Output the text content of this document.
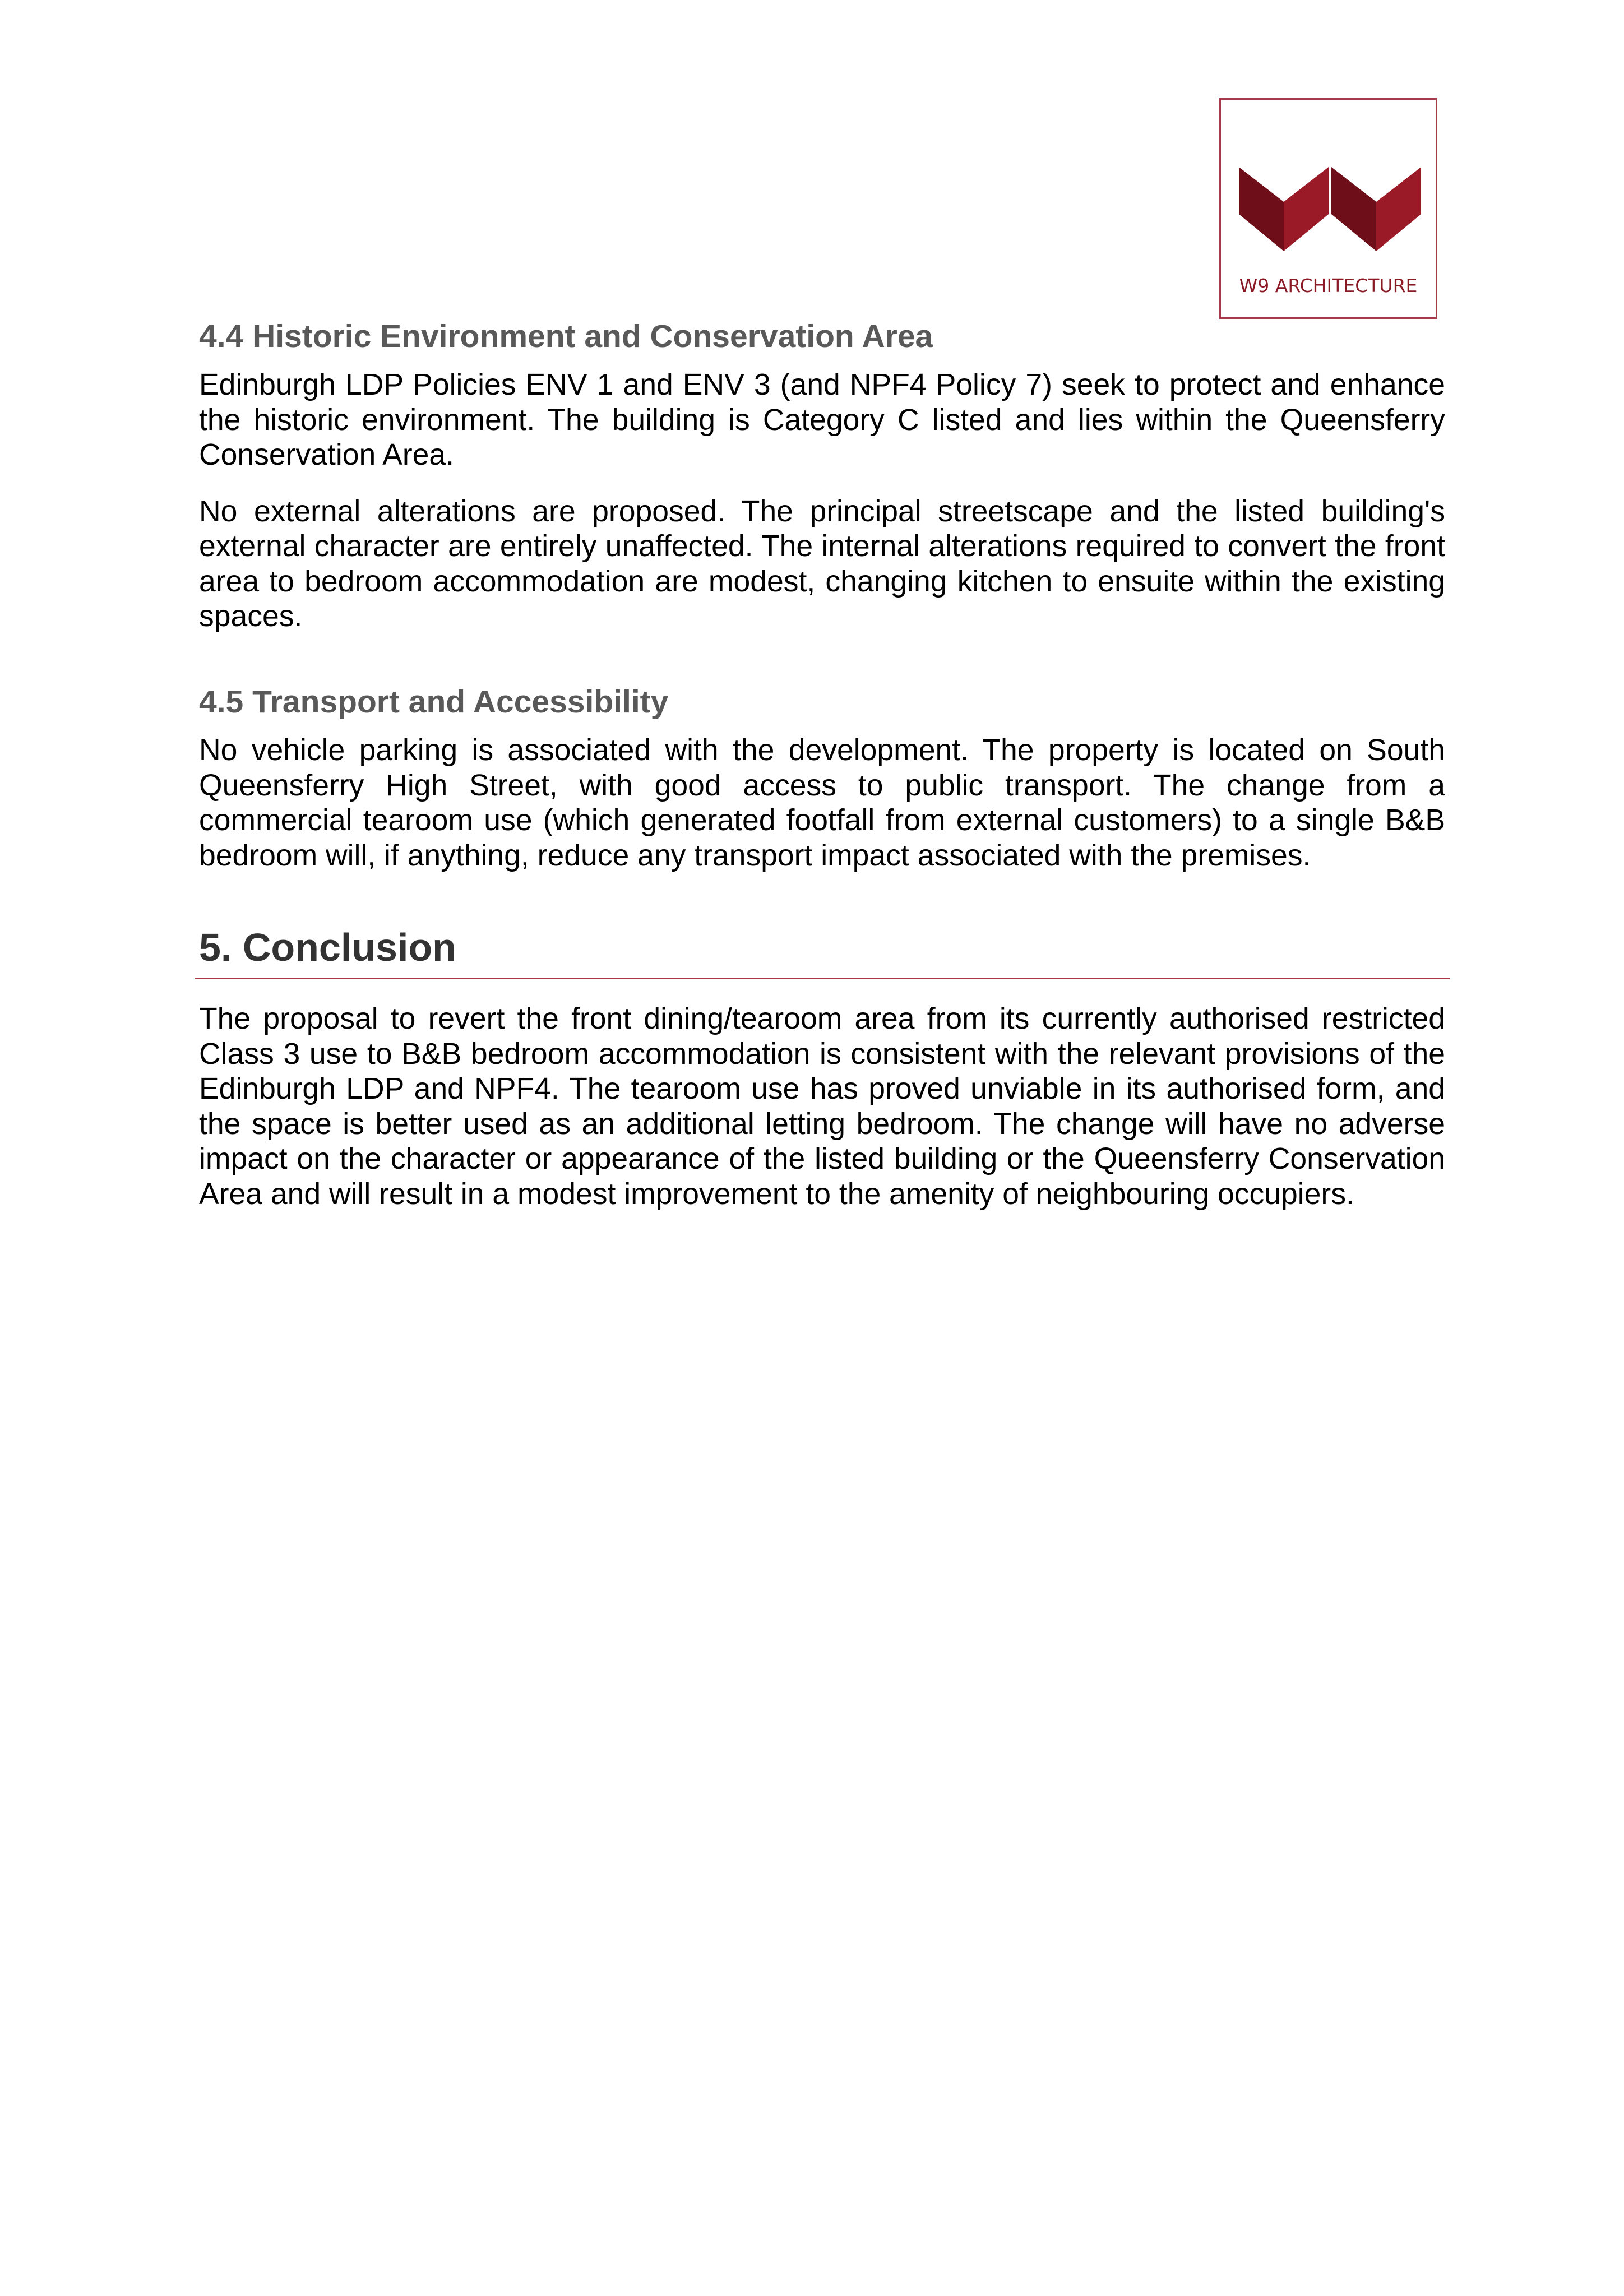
W9 ARCHITECTURE
4.4 Historic Environment and Conservation Area

Edinburgh LDP Policies ENV 1 and ENV 3 (and NPF4 Policy 7) seek to protect and enhance the historic environment. The building is Category C listed and lies within the Queensferry Conservation Area.

No external alterations are proposed. The principal streetscape and the listed building's external character are entirely unaffected. The internal alterations required to convert the front area to bedroom accommodation are modest, changing kitchen to ensuite within the existing spaces.

4.5 Transport and Accessibility

No vehicle parking is associated with the development. The property is located on South Queensferry High Street, with good access to public transport. The change from a commercial tearoom use (which generated footfall from external customers) to a single B&B bedroom will, if anything, reduce any transport impact associated with the premises.

5. Conclusion

The proposal to revert the front dining/tearoom area from its currently authorised restricted Class 3 use to B&B bedroom accommodation is consistent with the relevant provisions of the Edinburgh LDP and NPF4. The tearoom use has proved unviable in its authorised form, and the space is better used as an additional letting bedroom. The change will have no adverse impact on the character or appearance of the listed building or the Queensferry Conservation Area and will result in a modest improvement to the amenity of neighbouring occupiers.
